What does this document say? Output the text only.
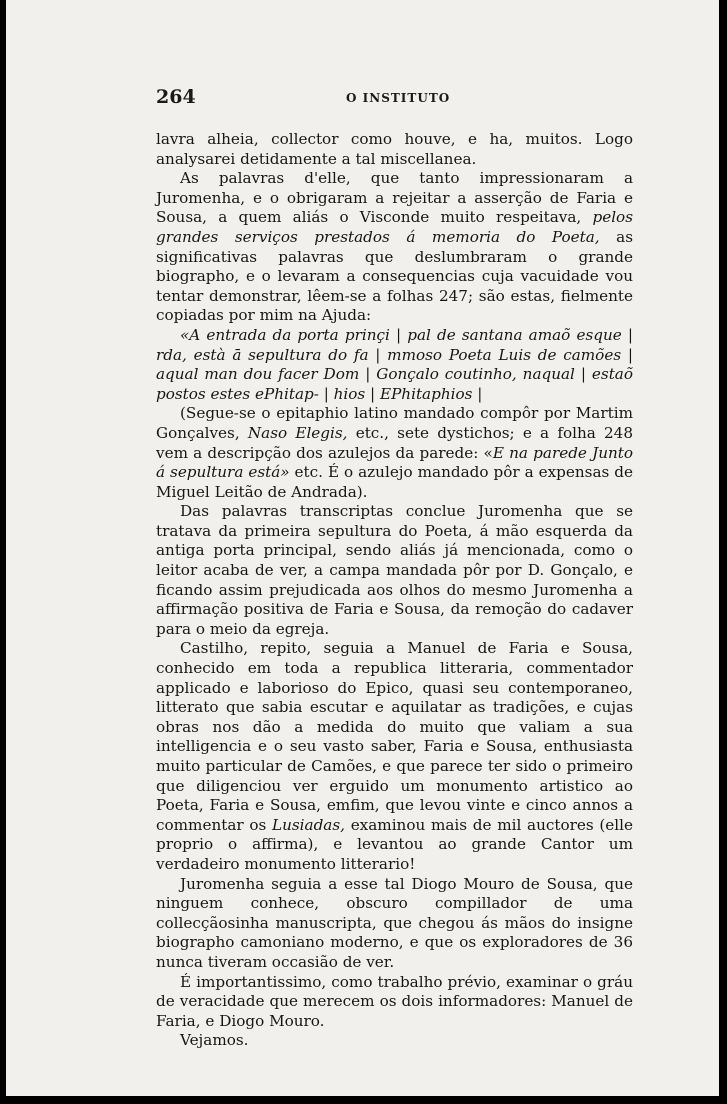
264	O INSTITUTO

lavra alheia, collector como houve, e ha, muitos. Logo analysarei detidamente a tal miscellanea.

As palavras d'elle, que tanto impressionaram a Juromenha, e o obrigaram a rejeitar a asserção de Faria e Sousa, a quem aliás o Visconde muito respeitava, pelos grandes serviços prestados á memoria do Poeta, as significativas palavras que deslumbraram o grande biographo, e o levaram a consequencias cuja vacuidade vou tentar demonstrar, lêem-se a folhas 247; são estas, fielmente copiadas por mim na Ajuda:

«A entrada da porta prinçi | pal de santana amaõ esque | rda, està ā sepultura do fa | mmoso Poeta Luis de camões | aqual man dou facer Dom | Gonçalo coutinho, naqual | estaõ postos estes ePhitap- | hios | EPhitaphios |

(Segue-se o epitaphio latino mandado compôr por Martim Gonçalves, Naso Elegis, etc., sete dystichos; e a folha 248 vem a descripção dos azulejos da parede: «E na parede Junto á sepultura está» etc. É o azulejo mandado pôr a expensas de Miguel Leitão de Andrada).

Das palavras transcriptas conclue Juromenha que se tratava da primeira sepultura do Poeta, á mão esquerda da antiga porta principal, sendo aliás já mencionada, como o leitor acaba de ver, a campa mandada pôr por D. Gonçalo, e ficando assim prejudicada aos olhos do mesmo Juromenha a affirmação positiva de Faria e Sousa, da remoção do cadaver para o meio da egreja.

Castilho, repito, seguia a Manuel de Faria e Sousa, conhecido em toda a republica litteraria, commentador applicado e laborioso do Epico, quasi seu contemporaneo, litterato que sabia escutar e aquilatar as tradições, e cujas obras nos dão a medida do muito que valiam a sua intelligencia e o seu vasto saber, Faria e Sousa, enthusiasta muito particular de Camões, e que parece ter sido o primeiro que diligenciou ver erguido um monumento artistico ao Poeta, Faria e Sousa, emfim, que levou vinte e cinco annos a commentar os Lusiadas, examinou mais de mil auctores (elle proprio o affirma), e levantou ao grande Cantor um verdadeiro monumento litterario!

Juromenha seguia a esse tal Diogo Mouro de Sousa, que ninguem conhece, obscuro compillador de uma collecçãosinha manuscripta, que chegou ás mãos do insigne biographo camoniano moderno, e que os exploradores de 36 nunca tiveram occasião de ver.

É importantissimo, como trabalho prévio, examinar o gráu de veracidade que merecem os dois informadores: Manuel de Faria, e Diogo Mouro.

Vejamos.
